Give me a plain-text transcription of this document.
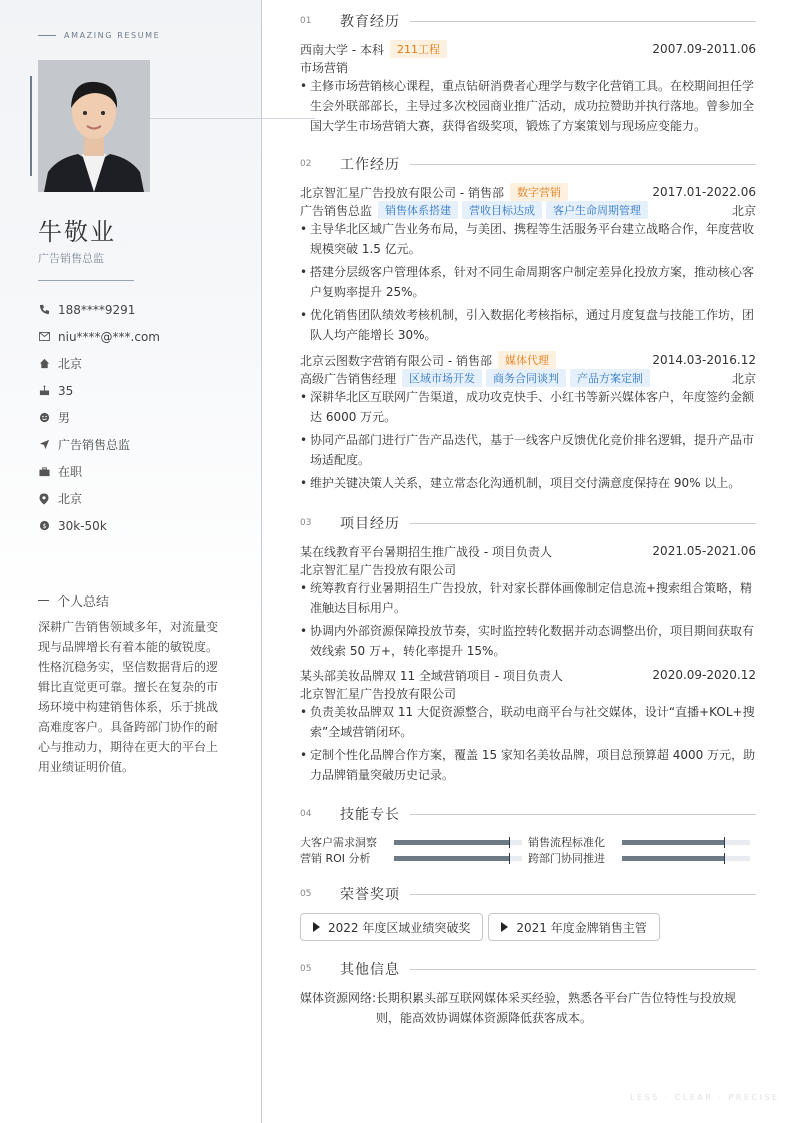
AMAZING RESUME
牛敬业
广告销售总监
188****9291
niu****@***.com
北京
35
男
广告销售总监
在职
北京
$ 30k-50k
个人总结
深耕广告销售领域多年，对流量变现与品牌增长有着本能的敏锐度。性格沉稳务实，坚信数据背后的逻辑比直觉更可靠。擅长在复杂的市场环境中构建销售体系，乐于挑战高难度客户。具备跨部门协作的耐心与推动力，期待在更大的平台上用业绩证明价值。
01	教育经历
西南大学 - 本科	211工程	2007.09-2011.06
市场营销
• 主修市场营销核心课程，重点钻研消费者心理学与数字化营销工具。在校期间担任学生会外联部部长，主导过多次校园商业推广活动，成功拉赞助并执行落地。曾参加全国大学生市场营销大赛，获得省级奖项，锻炼了方案策划与现场应变能力。
02	工作经历
北京智汇星广告投放有限公司 - 销售部	数字营销	2017.01-2022.06
广告销售总监	销售体系搭建	营收目标达成	客户生命周期管理	北京
• 主导华北区域广告业务布局，与美团、携程等生活服务平台建立战略合作，年度营收规模突破 1.5 亿元。
• 搭建分层级客户管理体系，针对不同生命周期客户制定差异化投放方案，推动核心客户复购率提升 25%。
• 优化销售团队绩效考核机制，引入数据化考核指标，通过月度复盘与技能工作坊，团队人均产能增长 30%。
北京云图数字营销有限公司 - 销售部	媒体代理	2014.03-2016.12
高级广告销售经理	区域市场开发	商务合同谈判	产品方案定制	北京
• 深耕华北区互联网广告渠道，成功攻克快手、小红书等新兴媒体客户，年度签约金额达 6000 万元。
• 协同产品部门进行广告产品迭代，基于一线客户反馈优化竞价排名逻辑，提升产品市场适配度。
• 维护关键决策人关系，建立常态化沟通机制，项目交付满意度保持在 90% 以上。
03	项目经历
某在线教育平台暑期招生推广战役 - 项目负责人	2021.05-2021.06
北京智汇星广告投放有限公司
• 统筹教育行业暑期招生广告投放，针对家长群体画像制定信息流+搜索组合策略，精准触达目标用户。
• 协调内外部资源保障投放节奏，实时监控转化数据并动态调整出价，项目期间获取有效线索 50 万+，转化率提升 15%。
某头部美妆品牌双 11 全域营销项目 - 项目负责人	2020.09-2020.12
北京智汇星广告投放有限公司
• 负责美妆品牌双 11 大促资源整合，联动电商平台与社交媒体，设计“直播+KOL+搜索”全域营销闭环。
• 定制个性化品牌合作方案，覆盖 15 家知名美妆品牌，项目总预算超 4000 万元，助力品牌销量突破历史记录。
04	技能专长
大客户需求洞察	销售流程标准化
营销 ROI 分析	跨部门协同推进
05	荣誉奖项
2022 年度区域业绩突破奖	2021 年度金牌销售主管
05	其他信息
媒体资源网络: 长期积累头部互联网媒体采买经验，熟悉各平台广告位特性与投放规则，能高效协调媒体资源降低获客成本。
LESS · CLEAR · PRECISE
